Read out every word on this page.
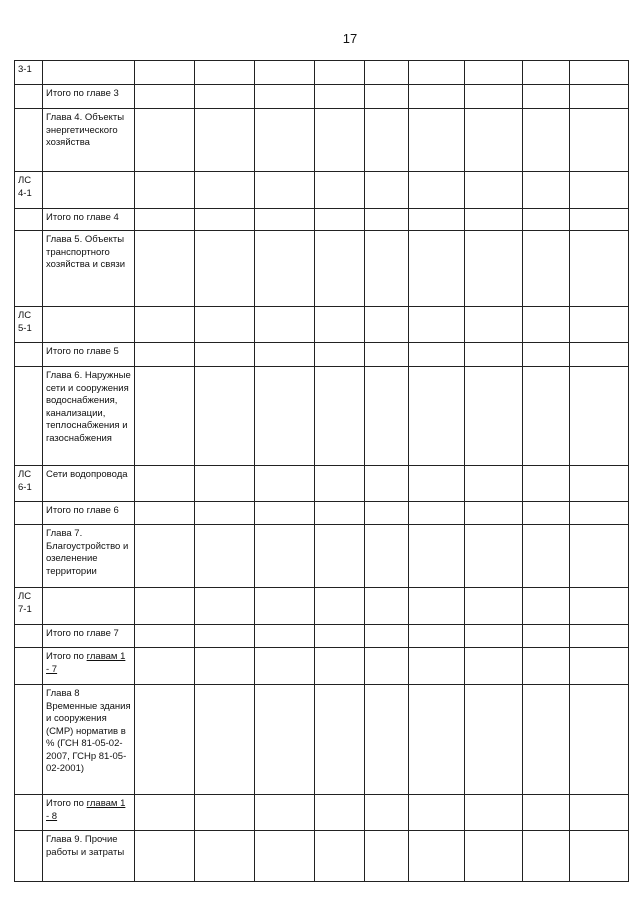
17
3-1										
	Итого по главе 3									
	Глава 4. Объекты энергетического хозяйства									
ЛС 4-1										
	Итого по главе 4									
	Глава 5. Объекты транспортного хозяйства и связи									
ЛС 5-1										
	Итого по главе 5									
	Глава 6. Наружные сети и сооружения водоснабжения, канализации, теплоснабжения и газоснабжения									
ЛС 6-1	Сети водопровода									
	Итого по главе 6									
	Глава 7. Благоустройство и озеленение территории									
ЛС 7-1										
	Итого по главе 7									
	Итого по главам 1 - 7									
	Глава 8 Временные здания и сооружения (СМР) норматив в % (ГСН 81-05-02-2007, ГСНр 81-05-02-2001)									
	Итого по главам 1 - 8									
	Глава 9. Прочие работы и затраты									
